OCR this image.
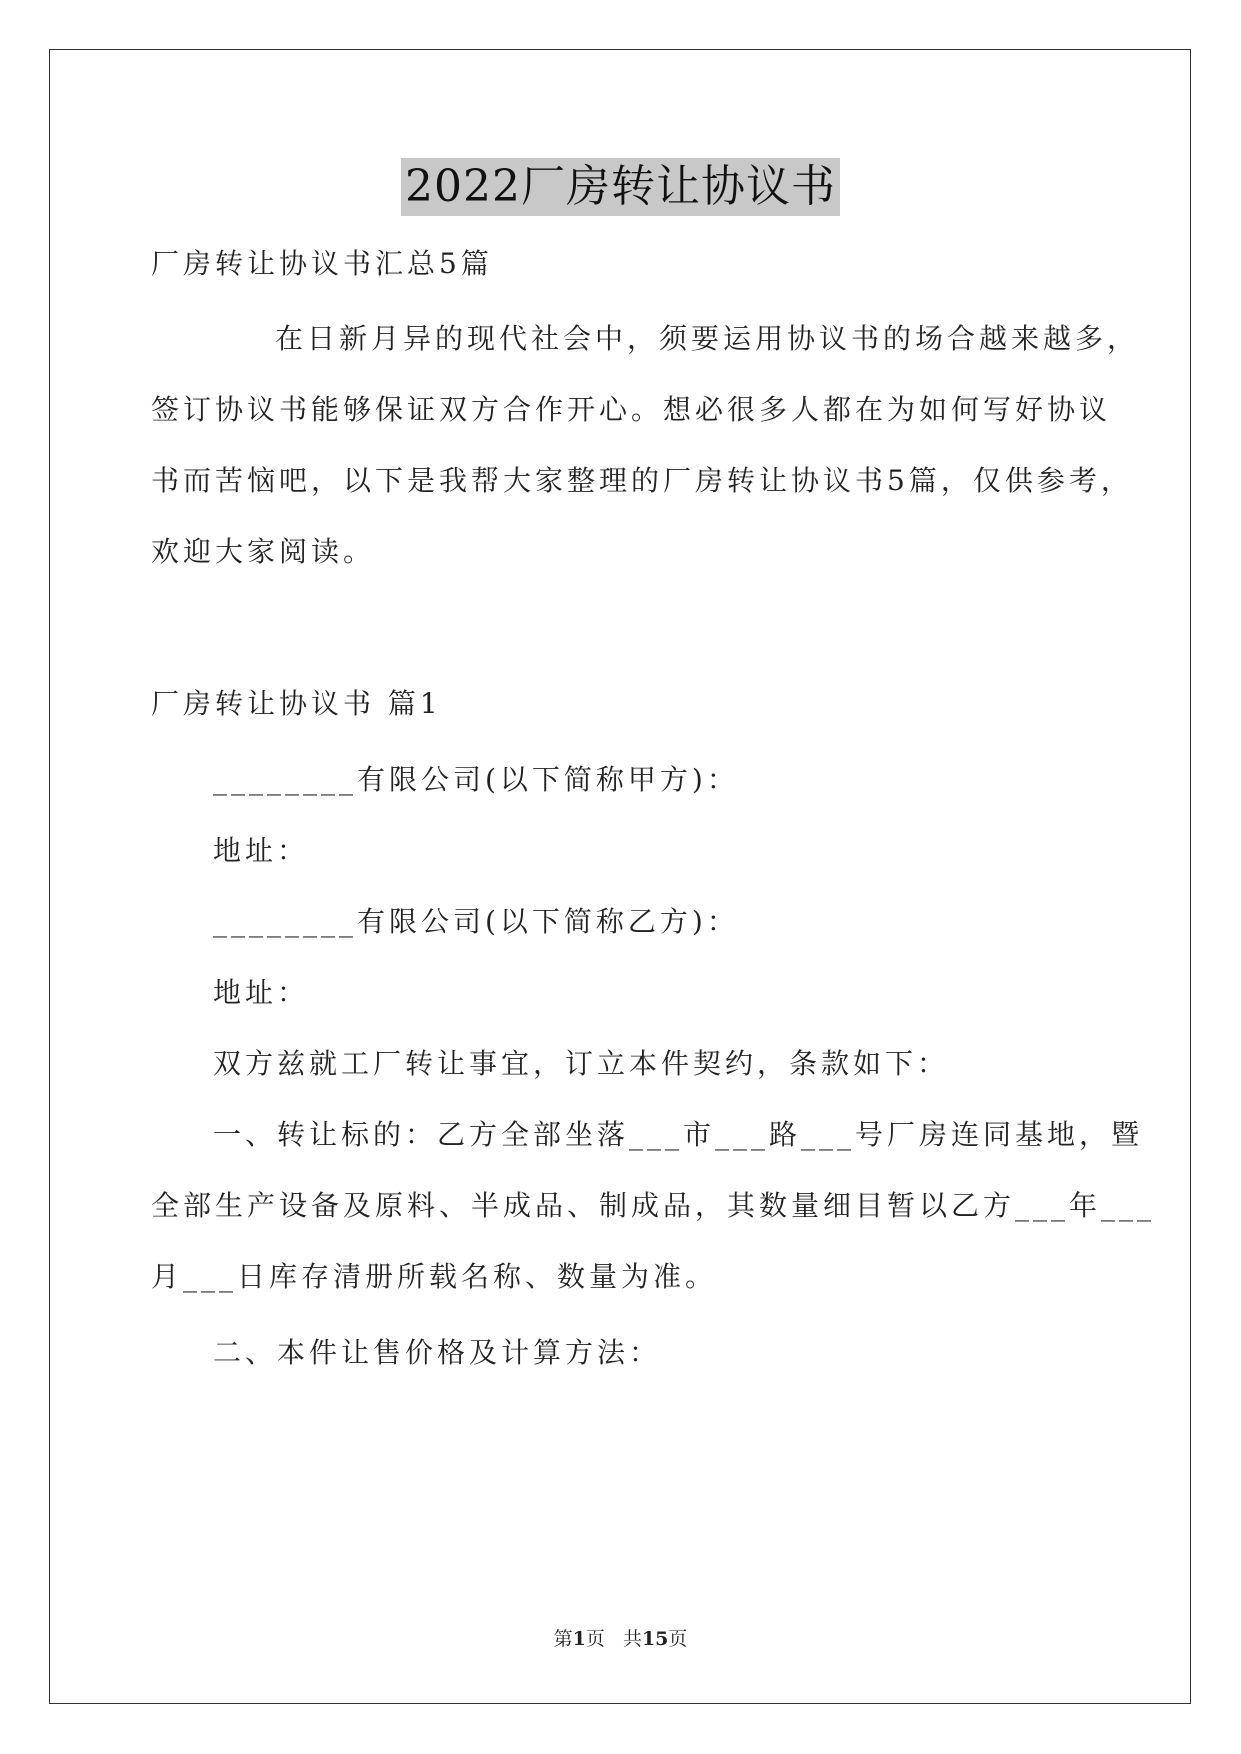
2022厂房转让协议书

厂房转让协议书汇总5篇

在日新月异的现代社会中，须要运用协议书的场合越来越多，

签订协议书能够保证双方合作开心。想必很多人都在为如何写好协议

书而苦恼吧，以下是我帮大家整理的厂房转让协议书5篇，仅供参考，

欢迎大家阅读。

厂房转让协议书 篇1

________有限公司(以下简称甲方)：

地址：

________有限公司(以下简称乙方)：

地址：

双方兹就工厂转让事宜，订立本件契约，条款如下：

一、转让标的：乙方全部坐落___市___路___号厂房连同基地，暨

全部生产设备及原料、半成品、制成品，其数量细目暂以乙方___年___

月___日库存清册所载名称、数量为准。

二、本件让售价格及计算方法：

第1页   共15页
